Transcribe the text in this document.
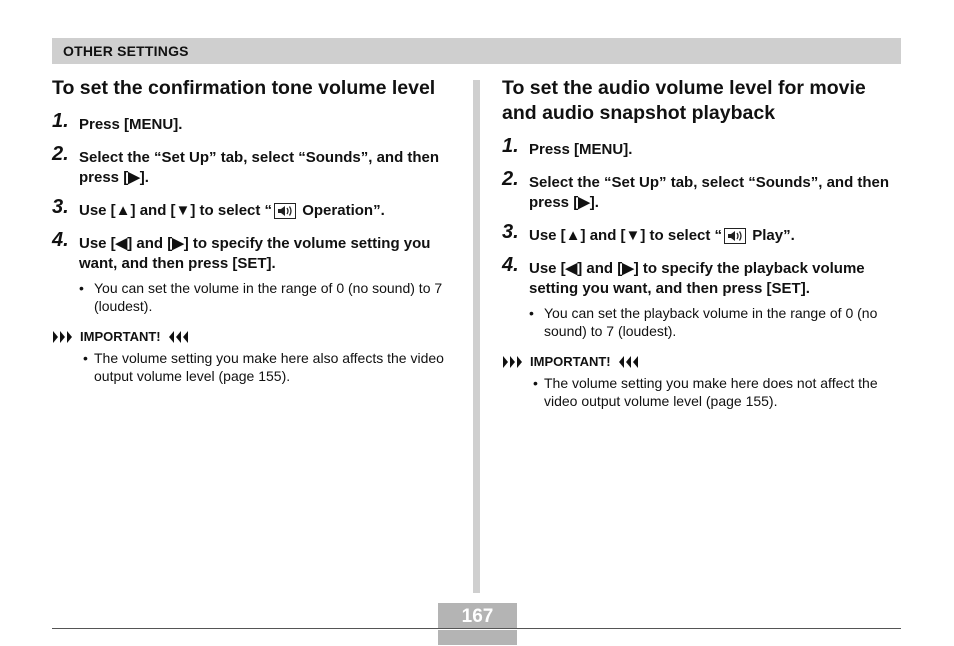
OTHER SETTINGS
To set the confirmation tone volume level
1. Press [MENU].
2. Select the “Set Up” tab, select “Sounds”, and then press [▶].
3. Use [▲] and [▼] to select “ Operation”.
4. Use [◀] and [▶] to specify the volume setting you want, and then press [SET].
• You can set the volume in the range of 0 (no sound) to 7 (loudest).
IMPORTANT!
• The volume setting you make here also affects the video output volume level (page 155).
To set the audio volume level for movie and audio snapshot playback
1. Press [MENU].
2. Select the “Set Up” tab, select “Sounds”, and then press [▶].
3. Use [▲] and [▼] to select “ Play”.
4. Use [◀] and [▶] to specify the playback volume setting you want, and then press [SET].
• You can set the playback volume in the range of 0 (no sound) to 7 (loudest).
IMPORTANT!
• The volume setting you make here does not affect the video output volume level (page 155).
167
